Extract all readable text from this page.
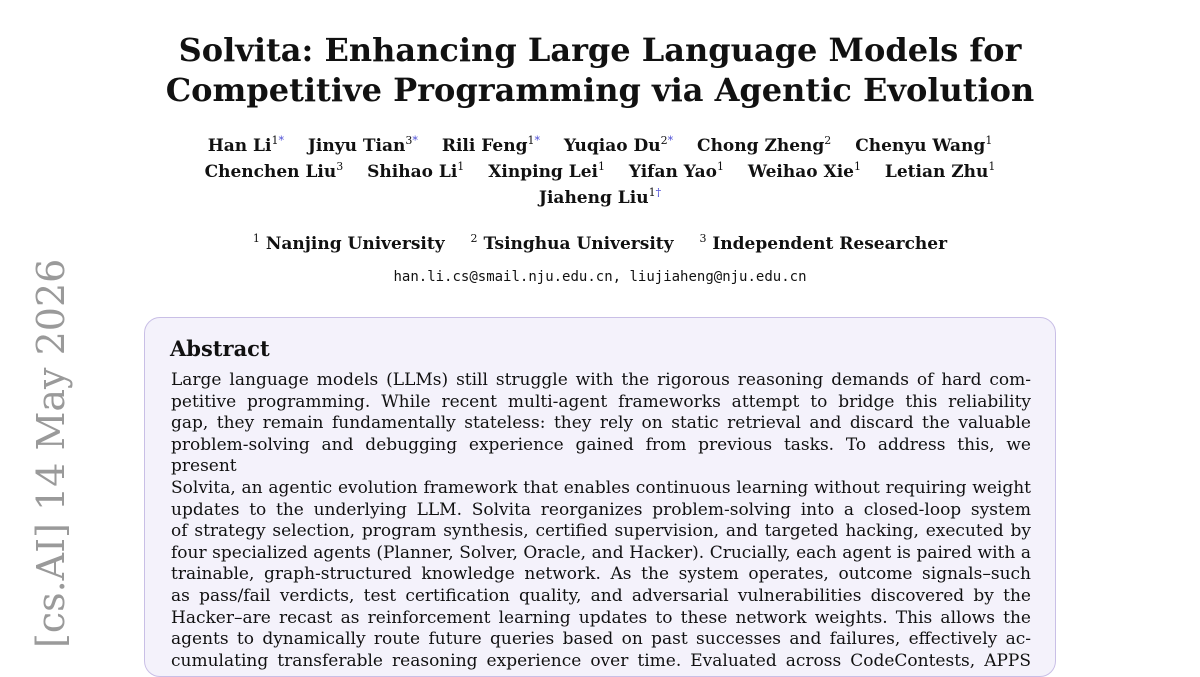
[cs.AI] 14 May 2026
Solvita: Enhancing Large Language Models for
Competitive Programming via Agentic Evolution
Han $Li^{1*}$ Jinyu Tian$^{3*}$ Rili Feng$^{1*}$ Yuqiao $Du^{2*}$ Chong Zheng$^2$ Chenyu Wang$^1$
Chenchen Liu$^3$ Shihao Li$^1$ Xinping Lei$^1$ Yifan Yao$^1$ Weihao Xie$^1$ Letian Zhu$^1$
Jiaheng Liu$^{1\dagger}$
$^1$ Nanjing University $^2$ Tsinghua University $^3$ Independent Researcher
han.li.cs@smail.nju.edu.cn, liujiaheng@nju.edu.cn
Abstract
Large language models (LLMs) still struggle with the rigorous reasoning demands of hard com-
petitive programming. While recent multi-agent frameworks attempt to bridge this reliability
gap, they remain fundamentally stateless: they rely on static retrieval and discard the valuable
problem-solving and debugging experience gained from previous tasks. To address this, we present
Solvita, an agentic evolution framework that enables continuous learning without requiring weight
updates to the underlying LLM. Solvita reorganizes problem-solving into a closed-loop system
of strategy selection, program synthesis, certified supervision, and targeted hacking, executed by
four specialized agents (Planner, Solver, Oracle, and Hacker). Crucially, each agent is paired with a
trainable, graph-structured knowledge network. As the system operates, outcome signals–such
as pass/fail verdicts, test certification quality, and adversarial vulnerabilities discovered by the
Hacker–are recast as reinforcement learning updates to these network weights. This allows the
agents to dynamically route future queries based on past successes and failures, effectively ac-
cumulating transferable reasoning experience over time. Evaluated across CodeContests, APPS
